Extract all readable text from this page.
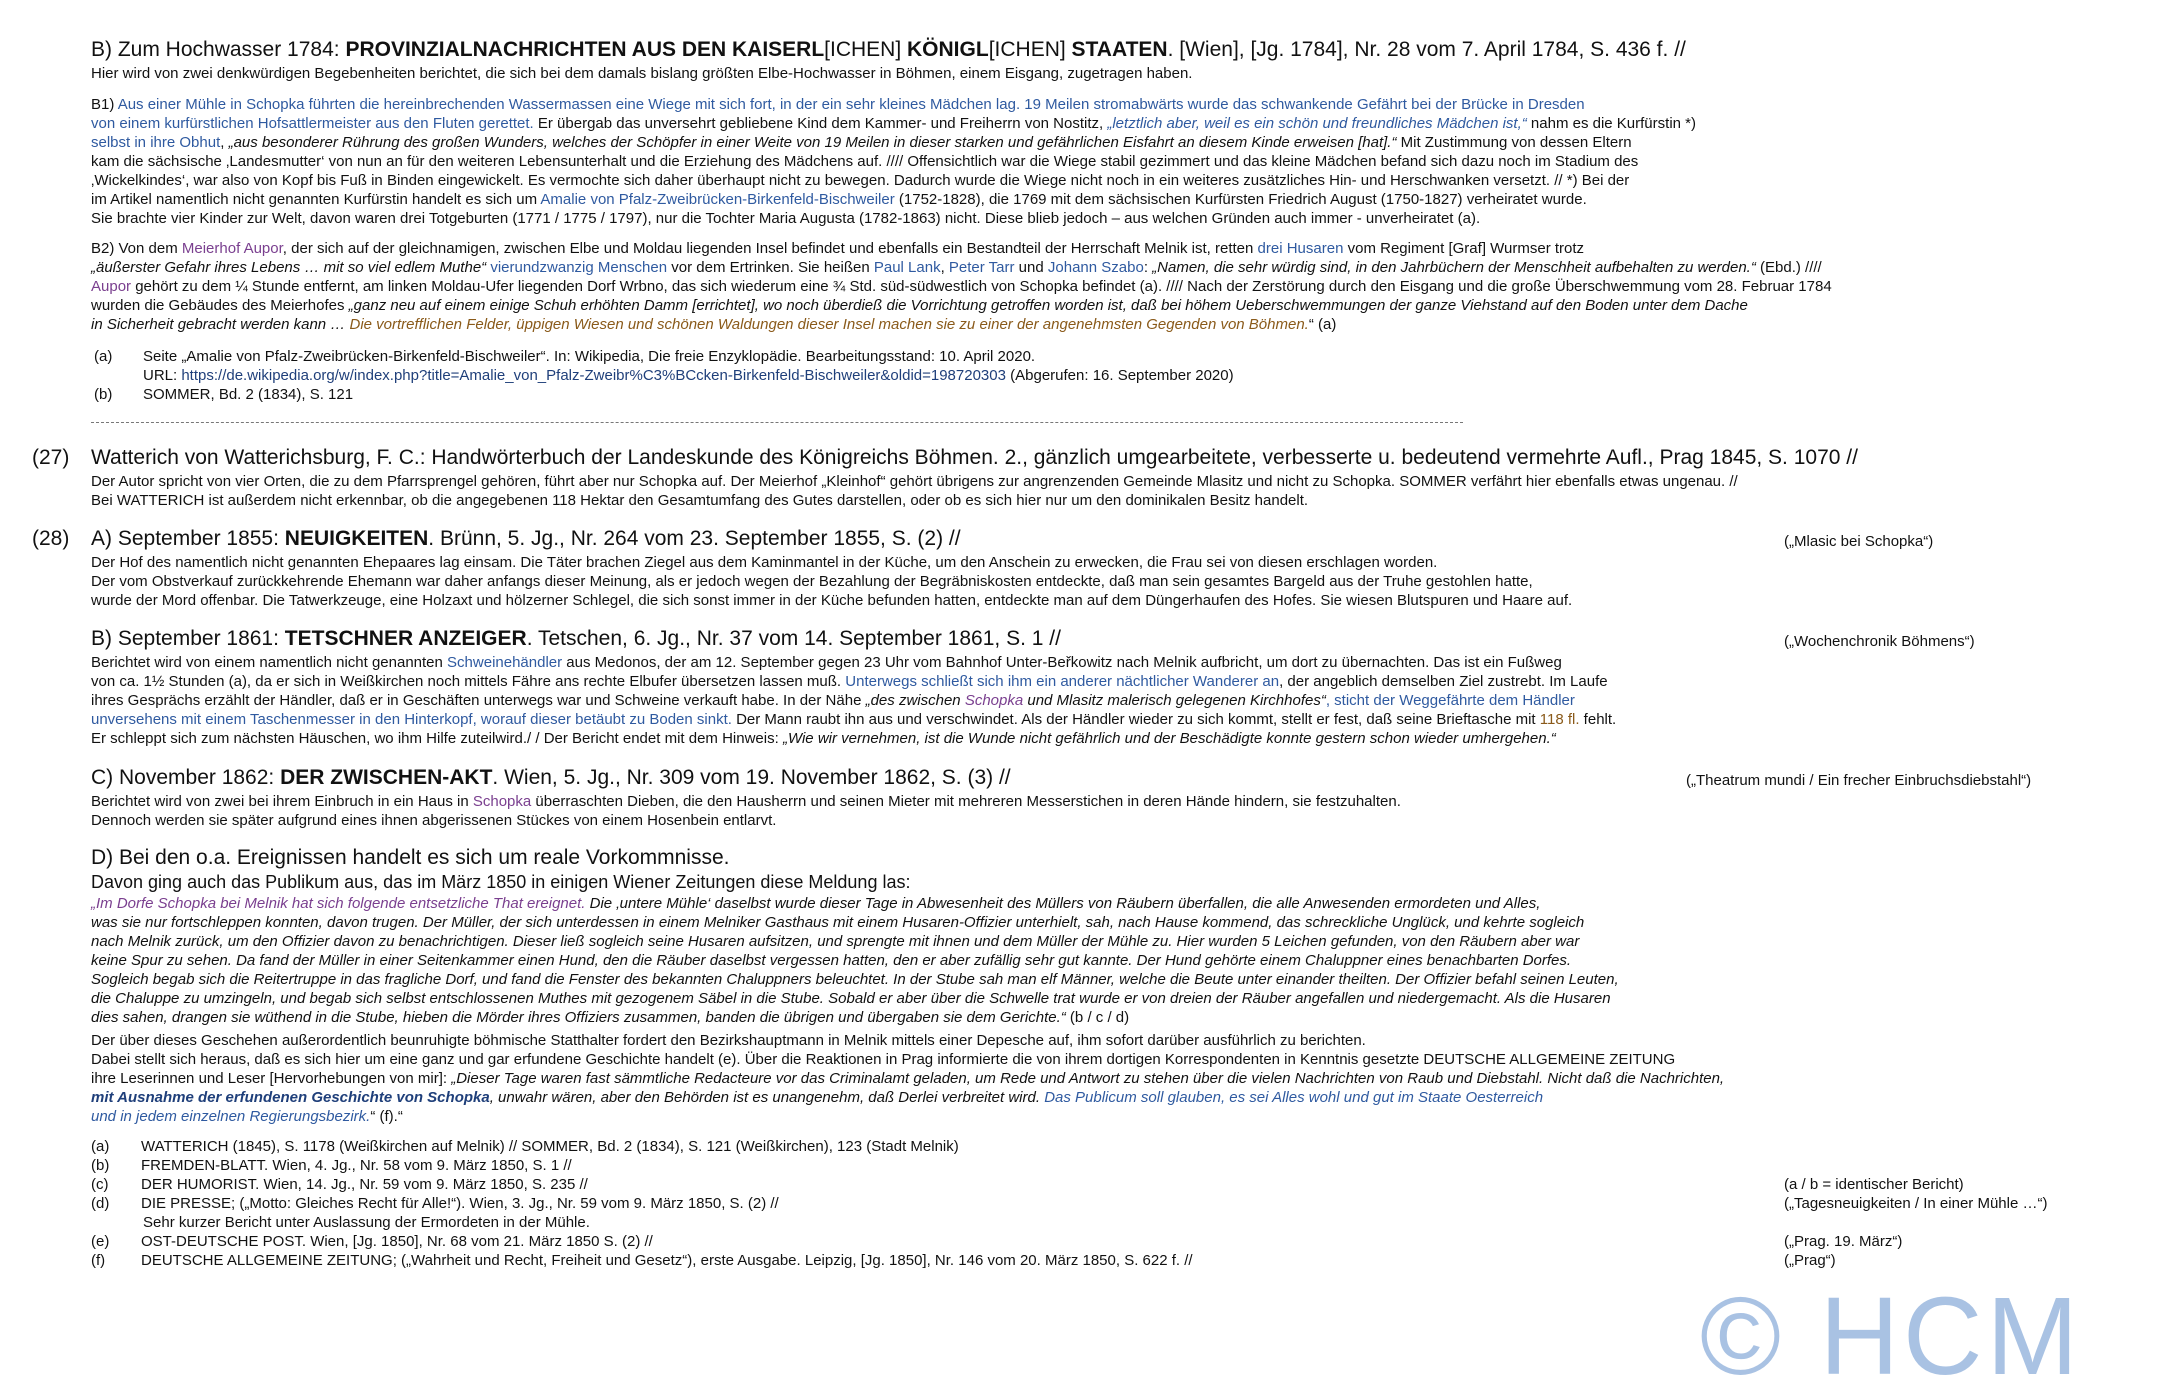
B) Zum Hochwasser 1784: PROVINZIALNACHRICHTEN AUS DEN KAISERL[ICHEN] KÖNIGL[ICHEN] STAATEN. [Wien], [Jg. 1784], Nr. 28 vom 7. April 1784, S. 436 f. //
Hier wird von zwei denkwürdigen Begebenheiten berichtet, die sich bei dem damals bislang größten Elbe-Hochwasser in Böhmen, einem Eisgang, zugetragen haben.
B1) Aus einer Mühle in Schopka führten die hereinbrechenden Wassermassen eine Wiege mit sich fort, in der ein sehr kleines Mädchen lag. 19 Meilen stromabwärts wurde das schwankende Gefährt bei der Brücke in Dresden
von einem kurfürstlichen Hofsattlermeister aus den Fluten gerettet. Er übergab das unversehrt gebliebene Kind dem Kammer- und Freiherrn von Nostitz, „letztlich aber, weil es ein schön und freundliches Mädchen ist,“ nahm es die Kurfürstin *)
selbst in ihre Obhut, „aus besonderer Rührung des großen Wunders, welches der Schöpfer in einer Weite von 19 Meilen in dieser starken und gefährlichen Eisfahrt an diesem Kinde erweisen [hat].“ Mit Zustimmung von dessen Eltern
kam die sächsische ‚Landesmutter‘ von nun an für den weiteren Lebensunterhalt und die Erziehung des Mädchens auf. //// Offensichtlich war die Wiege stabil gezimmert und das kleine Mädchen befand sich dazu noch im Stadium des
‚Wickelkindes‘, war also von Kopf bis Fuß in Binden eingewickelt. Es vermochte sich daher überhaupt nicht zu bewegen. Dadurch wurde die Wiege nicht noch in ein weiteres zusätzliches Hin- und Herschwanken versetzt. // *) Bei der
im Artikel namentlich nicht genannten Kurfürstin handelt es sich um Amalie von Pfalz-Zweibrücken-Birkenfeld-Bischweiler (1752-1828), die 1769 mit dem sächsischen Kurfürsten Friedrich August (1750-1827) verheiratet wurde.
Sie brachte vier Kinder zur Welt, davon waren drei Totgeburten (1771 / 1775 / 1797), nur die Tochter Maria Augusta (1782-1863) nicht. Diese blieb jedoch – aus welchen Gründen auch immer - unverheiratet (a).
B2) Von dem Meierhof Aupor, der sich auf der gleichnamigen, zwischen Elbe und Moldau liegenden Insel befindet und ebenfalls ein Bestandteil der Herrschaft Melnik ist, retten drei Husaren vom Regiment [Graf] Wurmser trotz
„äußerster Gefahr ihres Lebens … mit so viel edlem Muthe“ vierundzwanzig Menschen vor dem Ertrinken. Sie heißen Paul Lank, Peter Tarr und Johann Szabo: „Namen, die sehr würdig sind, in den Jahrbüchern der Menschheit aufbehalten zu werden.“ (Ebd.) ////
Aupor gehört zu dem ¼ Stunde entfernt, am linken Moldau-Ufer liegenden Dorf Wrbno, das sich wiederum eine ¾ Std. süd-südwestlich von Schopka befindet (a). //// Nach der Zerstörung durch den Eisgang und die große Überschwemmung vom 28. Februar 1784
wurden die Gebäudes des Meierhofes „ganz neu auf einem einige Schuh erhöhten Damm [errichtet], wo noch überdieß die Vorrichtung getroffen worden ist, daß bei höhem Ueberschwemmungen der ganze Viehstand auf den Boden unter dem Dache
in Sicherheit gebracht werden kann … Die vortrefflichen Felder, üppigen Wiesen und schönen Waldungen dieser Insel machen sie zu einer der angenehmsten Gegenden von Böhmen.“ (a)
(a) Seite „Amalie von Pfalz-Zweibrücken-Birkenfeld-Bischweiler“. In: Wikipedia, Die freie Enzyklopädie. Bearbeitungsstand: 10. April 2020.
URL: https://de.wikipedia.org/w/index.php?title=Amalie_von_Pfalz-Zweibr%C3%BCcken-Birkenfeld-Bischweiler&oldid=198720303 (Abgerufen: 16. September 2020)
(b) SOMMER, Bd. 2 (1834), S. 121
(27) Watterich von Watterichsburg, F. C.: Handwörterbuch der Landeskunde des Königreichs Böhmen. 2., gänzlich umgearbeitete, verbesserte u. bedeutend vermehrte Aufl., Prag 1845, S. 1070 //
Der Autor spricht von vier Orten, die zu dem Pfarrsprengel gehören, führt aber nur Schopka auf. Der Meierhof „Kleinhof“ gehört übrigens zur angrenzenden Gemeinde Mlasitz und nicht zu Schopka. SOMMER verfährt hier ebenfalls etwas ungenau. //
Bei WATTERICH ist außerdem nicht erkennbar, ob die angegebenen 118 Hektar den Gesamtumfang des Gutes darstellen, oder ob es sich hier nur um den dominikalen Besitz handelt.
(28) A) September 1855: NEUIGKEITEN. Brünn, 5. Jg., Nr. 264 vom 23. September 1855, S. (2) //	(„Mlasic bei Schopka“)
Der Hof des namentlich nicht genannten Ehepaares lag einsam. Die Täter brachen Ziegel aus dem Kaminmantel in der Küche, um den Anschein zu erwecken, die Frau sei von diesen erschlagen worden.
Der vom Obstverkauf zurückkehrende Ehemann war daher anfangs dieser Meinung, als er jedoch wegen der Bezahlung der Begräbniskosten entdeckte, daß man sein gesamtes Bargeld aus der Truhe gestohlen hatte,
wurde der Mord offenbar. Die Tatwerkzeuge, eine Holzaxt und hölzerner Schlegel, die sich sonst immer in der Küche befunden hatten, entdeckte man auf dem Düngerhaufen des Hofes. Sie wiesen Blutspuren und Haare auf.
B) September 1861: TETSCHNER ANZEIGER. Tetschen, 6. Jg., Nr. 37 vom 14. September 1861, S. 1 //	(„Wochenchronik Böhmens“)
Berichtet wird von einem namentlich nicht genannten Schweinehändler aus Medonos, der am 12. September gegen 23 Uhr vom Bahnhof Unter-Beřkowitz nach Melnik aufbricht, um dort zu übernachten. Das ist ein Fußweg
von ca. 1½ Stunden (a), da er sich in Weißkirchen noch mittels Fähre ans rechte Elbufer übersetzen lassen muß. Unterwegs schließt sich ihm ein anderer nächtlicher Wanderer an, der angeblich demselben Ziel zustrebt. Im Laufe
ihres Gesprächs erzählt der Händler, daß er in Geschäften unterwegs war und Schweine verkauft habe. In der Nähe „des zwischen Schopka und Mlasitz malerisch gelegenen Kirchhofes“, sticht der Weggefährte dem Händler
unversehens mit einem Taschenmesser in den Hinterkopf, worauf dieser betäubt zu Boden sinkt. Der Mann raubt ihn aus und verschwindet. Als der Händler wieder zu sich kommt, stellt er fest, daß seine Brieftasche mit 118 fl. fehlt.
Er schleppt sich zum nächsten Häuschen, wo ihm Hilfe zuteilwird./ / Der Bericht endet mit dem Hinweis: „Wie wir vernehmen, ist die Wunde nicht gefährlich und der Beschädigte konnte gestern schon wieder umhergehen.“
C) November 1862: DER ZWISCHEN-AKT. Wien, 5. Jg., Nr. 309 vom 19. November 1862, S. (3) //	(„Theatrum mundi / Ein frecher Einbruchsdiebstahl“)
Berichtet wird von zwei bei ihrem Einbruch in ein Haus in Schopka überraschten Dieben, die den Hausherrn und seinen Mieter mit mehreren Messerstichen in deren Hände hindern, sie festzuhalten.
Dennoch werden sie später aufgrund eines ihnen abgerissenen Stückes von einem Hosenbein entlarvt.
D) Bei den o.a. Ereignissen handelt es sich um reale Vorkommnisse.
Davon ging auch das Publikum aus, das im März 1850 in einigen Wiener Zeitungen diese Meldung las:
„Im Dorfe Schopka bei Melnik hat sich folgende entsetzliche That ereignet. Die ‚untere Mühle‘ daselbst wurde dieser Tage in Abwesenheit des Müllers von Räubern überfallen, die alle Anwesenden ermordeten und Alles,
was sie nur fortschleppen konnten, davon trugen. Der Müller, der sich unterdessen in einem Melniker Gasthaus mit einem Husaren-Offizier unterhielt, sah, nach Hause kommend, das schreckliche Unglück, und kehrte sogleich
nach Melnik zurück, um den Offizier davon zu benachrichtigen. Dieser ließ sogleich seine Husaren aufsitzen, und sprengte mit ihnen und dem Müller der Mühle zu. Hier wurden 5 Leichen gefunden, von den Räubern aber war
keine Spur zu sehen. Da fand der Müller in einer Seitenkammer einen Hund, den die Räuber daselbst vergessen hatten, den er aber zufällig sehr gut kannte. Der Hund gehörte einem Chaluppner eines benachbarten Dorfes.
Sogleich begab sich die Reitertruppe in das fragliche Dorf, und fand die Fenster des bekannten Chaluppners beleuchtet. In der Stube sah man elf Männer, welche die Beute unter einander theilten. Der Offizier befahl seinen Leuten,
die Chaluppe zu umzingeln, und begab sich selbst entschlossenen Muthes mit gezogenem Säbel in die Stube. Sobald er aber über die Schwelle trat wurde er von dreien der Räuber angefallen und niedergemacht. Als die Husaren
dies sahen, drangen sie wüthend in die Stube, hieben die Mörder ihres Offiziers zusammen, banden die übrigen und übergaben sie dem Gerichte.“ (b / c / d)
Der über dieses Geschehen außerordentlich beunruhigte böhmische Statthalter fordert den Bezirkshauptmann in Melnik mittels einer Depesche auf, ihm sofort darüber ausführlich zu berichten.
Dabei stellt sich heraus, daß es sich hier um eine ganz und gar erfundene Geschichte handelt (e). Über die Reaktionen in Prag informierte die von ihrem dortigen Korrespondenten in Kenntnis gesetzte DEUTSCHE ALLGEMEINE ZEITUNG
ihre Leserinnen und Leser [Hervorhebungen von mir]: „Dieser Tage waren fast sämmtliche Redacteure vor das Criminalamt geladen, um Rede und Antwort zu stehen über die vielen Nachrichten von Raub und Diebstahl. Nicht daß die Nachrichten,
mit Ausnahme der erfundenen Geschichte von Schopka, unwahr wären, aber den Behörden ist es unangenehm, daß Derlei verbreitet wird. Das Publicum soll glauben, es sei Alles wohl und gut im Staate Oesterreich
und in jedem einzelnen Regierungsbezirk.“ (f).“
(a) WATTERICH (1845), S. 1178 (Weißkirchen auf Melnik) // SOMMER, Bd. 2 (1834), S. 121 (Weißkirchen), 123 (Stadt Melnik)
(b) FREMDEN-BLATT. Wien, 4. Jg., Nr. 58 vom 9. März 1850, S. 1 //
(c) DER HUMORIST. Wien, 14. Jg., Nr. 59 vom 9. März 1850, S. 235 //	(a / b = identischer Bericht)
(d) DIE PRESSE; („Motto: Gleiches Recht für Alle!“). Wien, 3. Jg., Nr. 59 vom 9. März 1850, S. (2) //	(„Tagesneuigkeiten / In einer Mühle …“)
Sehr kurzer Bericht unter Auslassung der Ermordeten in der Mühle.
(e) OST-DEUTSCHE POST. Wien, [Jg. 1850], Nr. 68 vom 21. März 1850 S. (2) //	(„Prag. 19. März“)
(f) DEUTSCHE ALLGEMEINE ZEITUNG; („Wahrheit und Recht, Freiheit und Gesetz“), erste Ausgabe. Leipzig, [Jg. 1850], Nr. 146 vom 20. März 1850, S. 622 f. //	(„Prag“)
© HCM
